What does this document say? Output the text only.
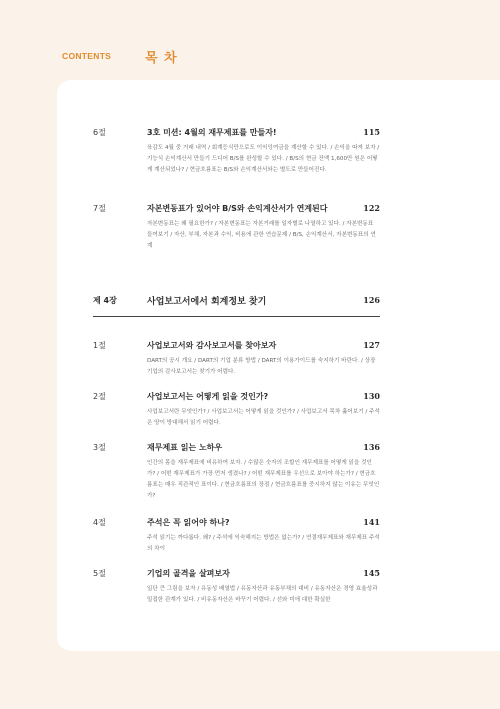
CONTENTS	목 차
6절	3호 미션: 4월의 재무제표를 만들자!	115
육감도 4월 중 거래 내역 / 회계등식만으로도 이익잉여금을 계산할 수 있다. / 손익을 따져 보자 / 기능식 손익계산서 만들기 드디어 B/S를 완성할 수 있다. / B/S의 현금 잔액 1,600만 원은 어떻게 계산되었나? / 현금흐름표는 B/S와 손익계산서와는 별도로 만들어진다.
7절	자본변동표가 있어야 B/S와 손익계산서가 연계된다	122
자본변동표는 왜 필요한가? / 자본변동표는 자본거래를 일자별로 나열하고 있다. / 자본변동표 들여보기 / 자산, 부채, 자본과 수익, 비용에 관한 연습문제 / B/S, 손익계산서, 자본변동표의 연계
제 4장	사업보고서에서 회계정보 찾기	126
1절	사업보고서와 감사보고서를 찾아보자	127
DART의 공시 개요 / DART의 기업 분류 방법 / DART의 이용가이드를 숙지하기 바란다. / 상장기업의 감사보고서는 찾기가 어렵다.
2절	사업보고서는 어떻게 읽을 것인가?	130
사업보고서란 무엇인가? / 사업보고서는 어떻게 읽을 것인가? / 사업보고서 목차 훑어보기 / 주석은 양이 방대해서 읽기 어렵다.
3절	재무제표 읽는 노하우	136
인간의 몸을 재무제표에 비유하여 보자. / 수많은 숫자의 조합인 재무제표를 어떻게 읽을 것인가? / 어떤 재무제표가 가장 먼저 생겼나? / 어떤 재무제표를 우선으로 보아야 하는가? / 현금흐름표는 매우 직관적인 표이다. / 현금흐름표의 장점 / 현금흐름표를 중시하지 않는 이유는 무엇인가?
4절	주석은 꼭 읽어야 하나?	141
주석 읽기는 까다롭다. 왜? / 주석에 익숙해지는 방법은 없는가? / 연결재무제표와 재무제표 주석의 차이
5절	기업의 골격을 살펴보자	145
일단 큰 그림을 보자 / 유동성 배열법 / 유동자산과 유동부채의 대비 / 유동자산은 경영 효율성과 밀접한 관계가 있다. / 비유동자산은 바꾸기 어렵다. / 선와 미에 대한 확실한
